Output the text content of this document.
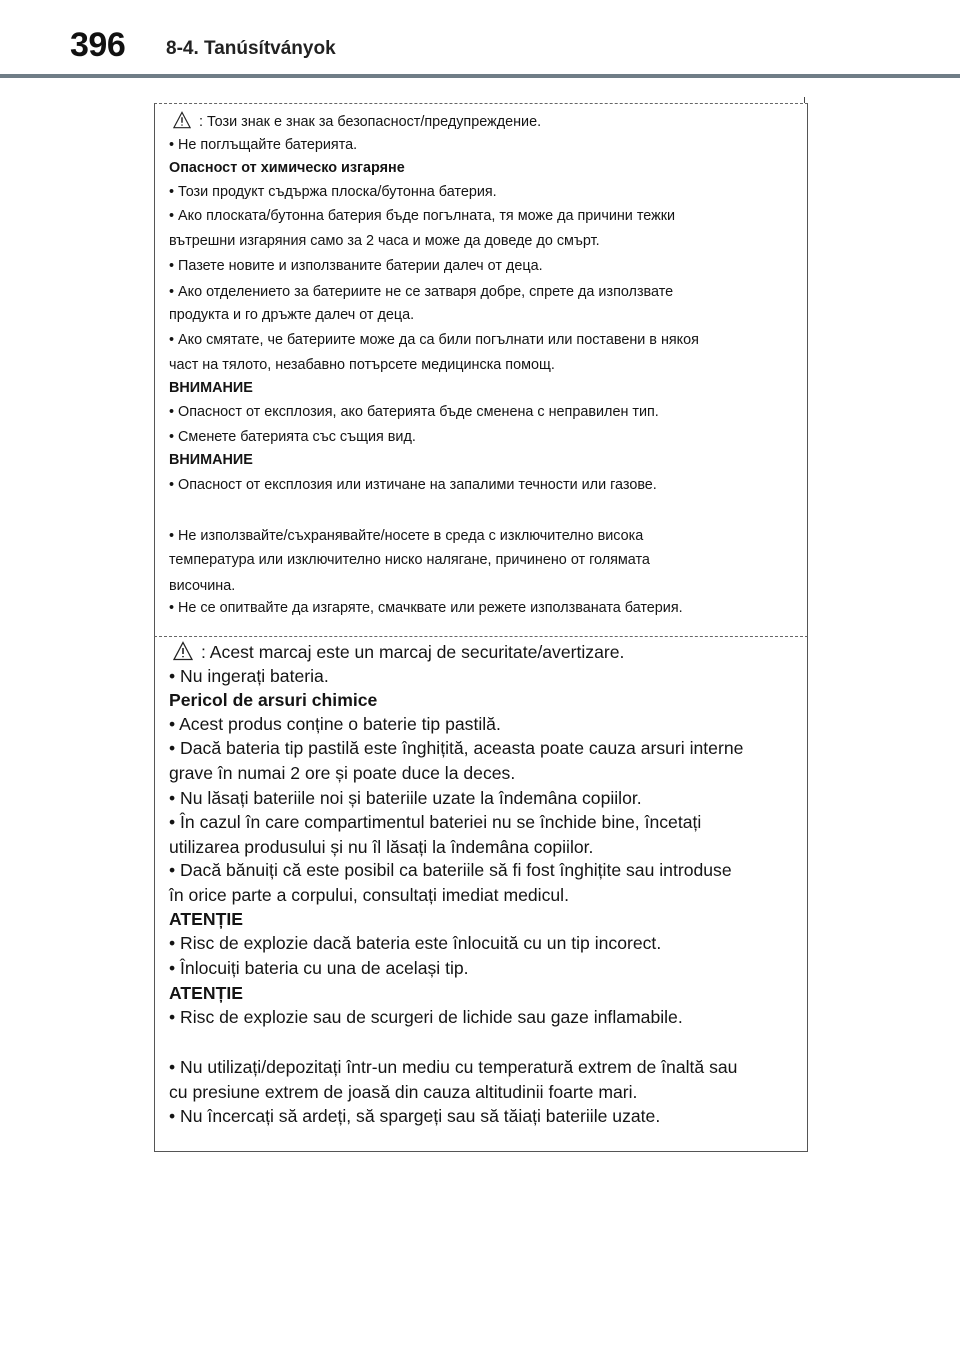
396 8-4. Tanúsítványok
: Този знак е знак за безопасност/предупреждение.
• Не поглъщайте батерията.
Опасност от химическо изгаряне
• Този продукт съдържа плоска/бутонна батерия.
• Ако плоската/бутонна батерия бъде погълната, тя може да причини тежки
вътрешни изгаряния само за 2 часа и може да доведе до смърт.
• Пазете новите и използваните батерии далеч от деца.
• Ако отделението за батериите не се затваря добре, спрете да използвате
продукта и го дръжте далеч от деца.
• Ако смятате, че батериите може да са били погълнати или поставени в някоя
част на тялото, незабавно потърсете медицинска помощ.
ВНИМАНИЕ
• Опасност от експлозия, ако батерията бъде сменена с неправилен тип.
• Сменете батерията със същия вид.
ВНИМАНИЕ
• Опасност от експлозия или изтичане на запалими течности или газове.
• Не използвайте/съхранявайте/носете в среда с изключително висока
температура или изключително ниско налягане, причинено от голямата
височина.
• Не се опитвайте да изгаряте, смачквате или режете използваната батерия.
: Acest marcaj este un marcaj de securitate/avertizare.
• Nu ingerați bateria.
Pericol de arsuri chimice
• Acest produs conține o baterie tip pastilă.
• Dacă bateria tip pastilă este înghițită, aceasta poate cauza arsuri interne
grave în numai 2 ore și poate duce la deces.
• Nu lăsați bateriile noi și bateriile uzate la îndemâna copiilor.
• În cazul în care compartimentul bateriei nu se închide bine, încetați
utilizarea produsului și nu îl lăsați la îndemâna copiilor.
• Dacă bănuiți că este posibil ca bateriile să fi fost înghițite sau introduse
în orice parte a corpului, consultați imediat medicul.
ATENȚIE
• Risc de explozie dacă bateria este înlocuită cu un tip incorect.
• Înlocuiți bateria cu una de același tip.
ATENȚIE
• Risc de explozie sau de scurgeri de lichide sau gaze inflamabile.
• Nu utilizați/depozitați într-un mediu cu temperatură extrem de înaltă sau
cu presiune extrem de joasă din cauza altitudinii foarte mari.
• Nu încercați să ardeți, să spargeți sau să tăiați bateriile uzate.
